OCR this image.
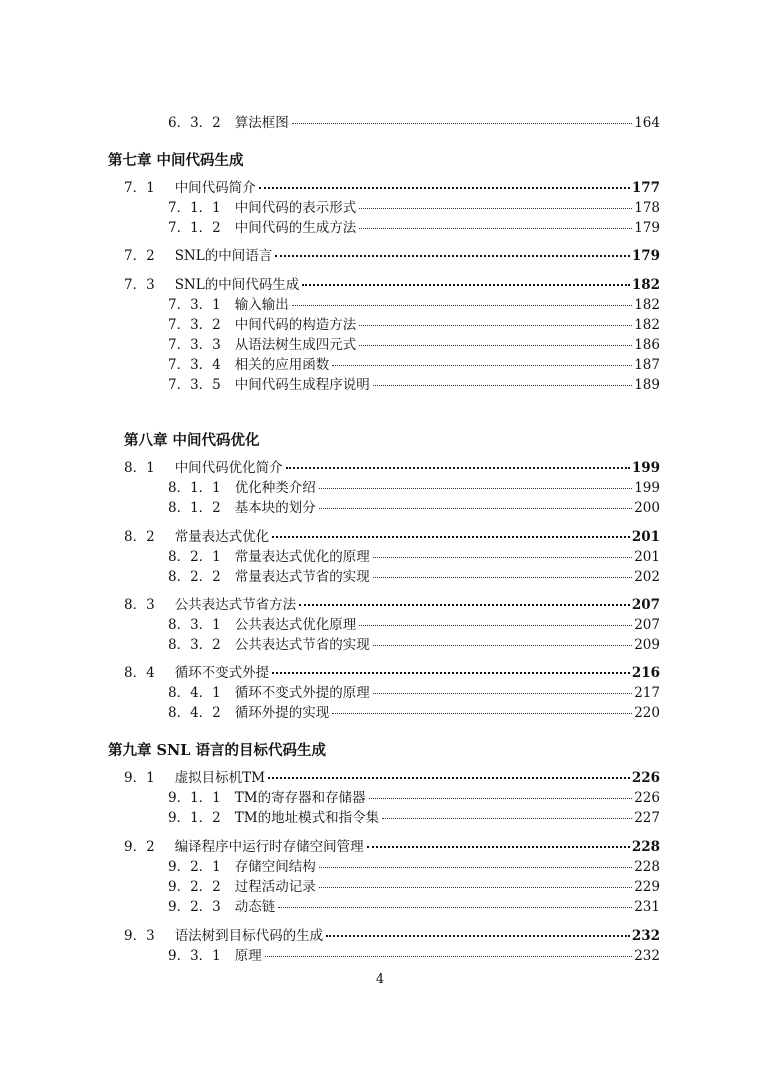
6．3．2 算法框图	164
第七章 中间代码生成
7．1 中间代码简介	177
7．1．1 中间代码的表示形式	178
7．1．2 中间代码的生成方法	179
7．2 SNL的中间语言	179
7．3 SNL的中间代码生成	182
7．3．1 输入输出	182
7．3．2 中间代码的构造方法	182
7．3．3 从语法树生成四元式	186
7．3．4 相关的应用函数	187
7．3．5 中间代码生成程序说明	189
第八章 中间代码优化
8．1 中间代码优化简介	199
8．1．1 优化种类介绍	199
8．1．2 基本块的划分	200
8．2 常量表达式优化	201
8．2．1 常量表达式优化的原理	201
8．2．2 常量表达式节省的实现	202
8．3 公共表达式节省方法	207
8．3．1 公共表达式优化原理	207
8．3．2 公共表达式节省的实现	209
8．4 循环不变式外提	216
8．4．1 循环不变式外提的原理	217
8．4．2 循环外提的实现	220
第九章 SNL 语言的目标代码生成
9．1 虚拟目标机TM	226
9．1．1 TM的寄存器和存储器	226
9．1．2 TM的地址模式和指令集	227
9．2 编译程序中运行时存储空间管理	228
9．2．1 存储空间结构	228
9．2．2 过程活动记录	229
9．2．3 动态链	231
9．3 语法树到目标代码的生成	232
9．3．1 原理	232
4
